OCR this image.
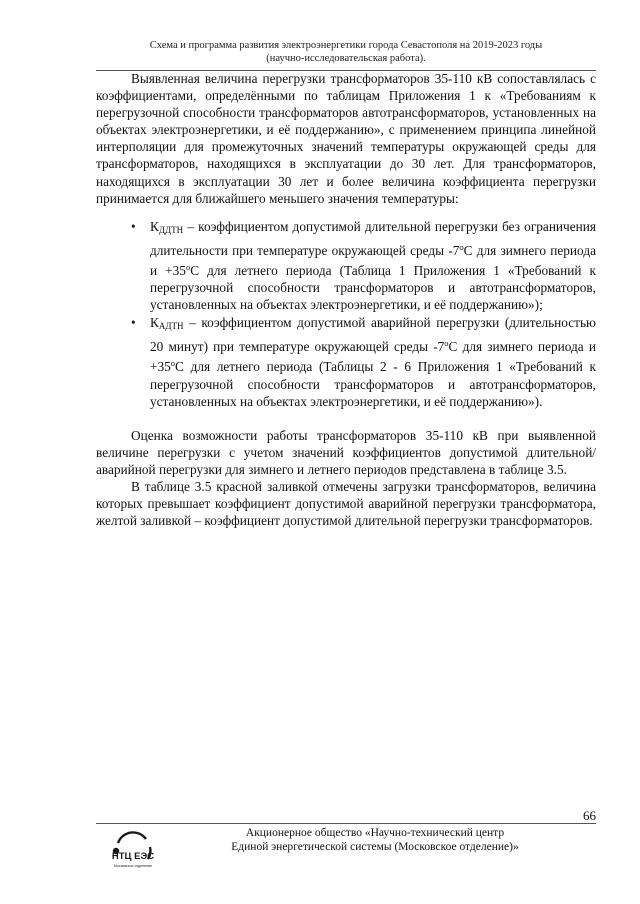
Схема и программа развития электроэнергетики города Севастополя на 2019-2023 годы
(научно-исследовательская работа).

Выявленная величина перегрузки трансформаторов 35-110 кВ сопоставлялась с коэффициентами, определёнными по таблицам Приложения 1 к «Требованиям к перегрузочной способности трансформаторов автотрансформаторов, установленных на объектах электроэнергетики, и её поддержанию», с применением принципа линейной интерполяции для промежуточных значений температуры окружающей среды для трансформаторов, находящихся в эксплуатации до 30 лет. Для трансформаторов, находящихся в эксплуатации 30 лет и более величина коэффициента перегрузки принимается для ближайшего меньшего значения температуры:

• $К_{ДДТН}$ – коэффициентом допустимой длительной перегрузки без ограничения длительности при температуре окружающей среды $-7^оС$ для зимнего периода $и +35^оС$ для летнего периода (Таблица 1 Приложения 1 «Требований к перегрузочной способности трансформаторов и автотрансформаторов, установленных на объектах электроэнергетики, и её поддержанию»);
• $К_{АДТН}$ – коэффициентом допустимой аварийной перегрузки (длительностью 20 минут) при температуре окружающей среды $-7^оС$ для зимнего периода $и +35^оС$ для летнего периода (Таблицы 2 - 6 Приложения 1 «Требований к перегрузочной способности трансформаторов и автотрансформаторов, установленных на объектах электроэнергетики, и её поддержанию»).

Оценка возможности работы трансформаторов 35-110 кВ при выявленной величине перегрузки с учетом значений коэффициентов допустимой длительной/аварийной перегрузки для зимнего и летнего периодов представлена в таблице 3.5.

В таблице 3.5 красной заливкой отмечены загрузки трансформаторов, величина которых превышает коэффициент допустимой аварийной перегрузки трансформатора, желтой заливкой – коэффициент допустимой длительной перегрузки трансформаторов.

66
НТЦ ЕЭС
Московское отделение
Акционерное общество «Научно-технический центр
Единой энергетической системы (Московское отделение)»
